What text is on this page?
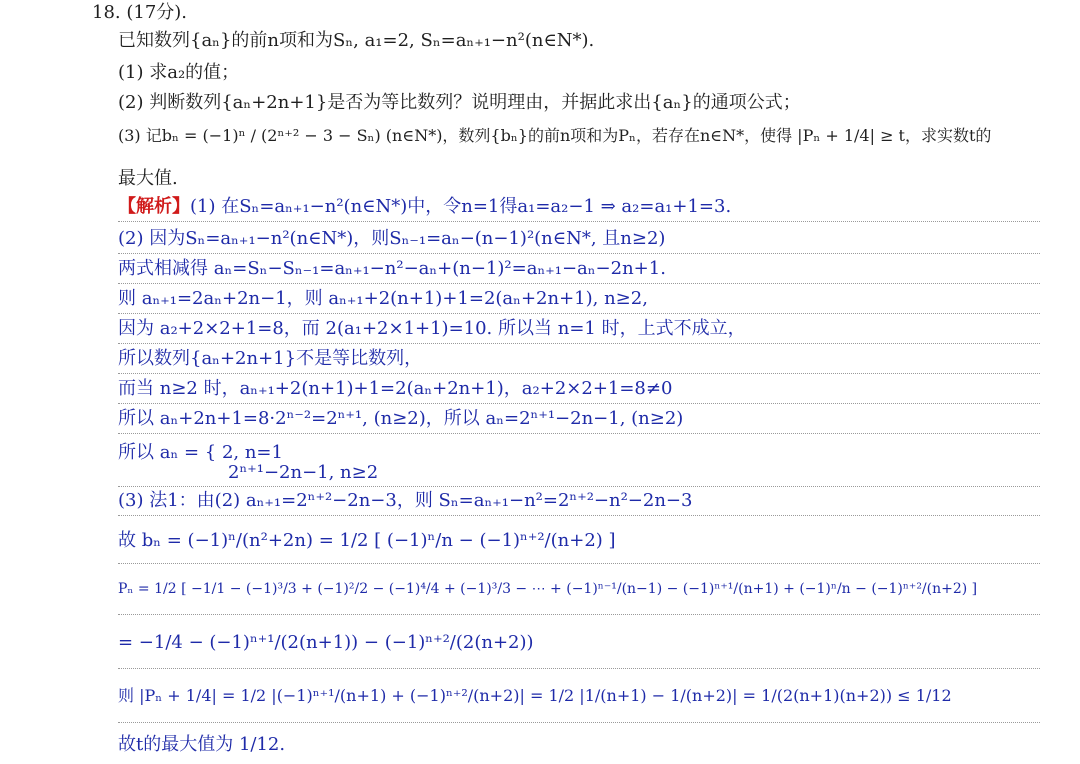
18. (17分).
已知数列{aₙ}的前n项和为Sₙ, a₁=2, Sₙ=aₙ₊₁−n²(n∈N*).
(1) 求a₂的值；
(2) 判断数列{aₙ+2n+1}是否为等比数列？说明理由，并据此求出{aₙ}的通项公式；
(3) 记bₙ = (−1)ⁿ / (2ⁿ⁺² − 3 − Sₙ) (n∈N*)，数列{bₙ}的前n项和为Pₙ，若存在n∈N*，使得 |Pₙ + 1/4| ≥ t，求实数t的
最大值.
【解析】(1) 在Sₙ=aₙ₊₁−n²(n∈N*)中，令n=1得a₁=a₂−1 ⇒ a₂=a₁+1=3.
(2) 因为Sₙ=aₙ₊₁−n²(n∈N*)，则Sₙ₋₁=aₙ−(n−1)²(n∈N*, 且n≥2)
两式相减得 aₙ=Sₙ−Sₙ₋₁=aₙ₊₁−n²−aₙ+(n−1)²=aₙ₊₁−aₙ−2n+1.
则 aₙ₊₁=2aₙ+2n−1，则 aₙ₊₁+2(n+1)+1=2(aₙ+2n+1), n≥2,
因为 a₂+2×2+1=8，而 2(a₁+2×1+1)=10. 所以当 n=1 时，上式不成立，
所以数列{aₙ+2n+1}不是等比数列，
而当 n≥2 时，aₙ₊₁+2(n+1)+1=2(aₙ+2n+1)，a₂+2×2+1=8≠0
所以 aₙ+2n+1=8·2ⁿ⁻²=2ⁿ⁺¹, (n≥2)，所以 aₙ=2ⁿ⁺¹−2n−1, (n≥2)
所以 aₙ = { 2, n=1
2ⁿ⁺¹−2n−1, n≥2
(3) 法1：由(2) aₙ₊₁=2ⁿ⁺²−2n−3，则 Sₙ=aₙ₊₁−n²=2ⁿ⁺²−n²−2n−3
故 bₙ = (−1)ⁿ/(n²+2n) = 1/2 [ (−1)ⁿ/n − (−1)ⁿ⁺²/(n+2) ]
Pₙ = 1/2 [ −1/1 − (−1)³/3 + (−1)²/2 − (−1)⁴/4 + (−1)³/3 − ⋯ + (−1)ⁿ⁻¹/(n−1) − (−1)ⁿ⁺¹/(n+1) + (−1)ⁿ/n − (−1)ⁿ⁺²/(n+2) ]
= −1/4 − (−1)ⁿ⁺¹/(2(n+1)) − (−1)ⁿ⁺²/(2(n+2))
则 |Pₙ + 1/4| = 1/2 |(−1)ⁿ⁺¹/(n+1) + (−1)ⁿ⁺²/(n+2)| = 1/2 |1/(n+1) − 1/(n+2)| = 1/(2(n+1)(n+2)) ≤ 1/12
故t的最大值为 1/12.
